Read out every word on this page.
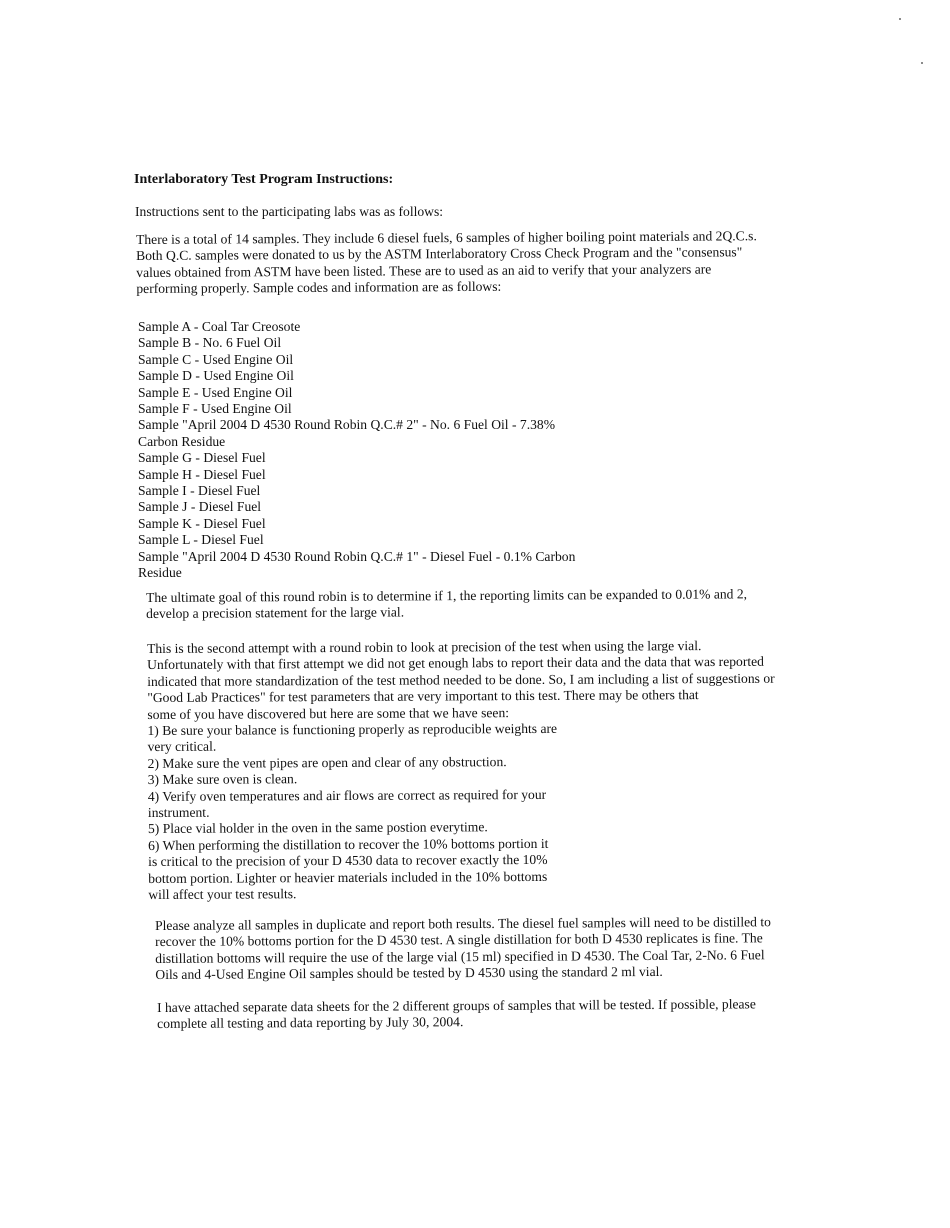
Interlaboratory Test Program Instructions:
Instructions sent to the participating labs was as follows:
There is a total of 14 samples. They include 6 diesel fuels, 6 samples of higher boiling point materials and 2Q.C.s.
Both Q.C. samples were donated to us by the ASTM Interlaboratory Cross Check Program and the "consensus"
values obtained from ASTM have been listed. These are to used as an aid to verify that your analyzers are
performing properly. Sample codes and information are as follows:
Sample A - Coal Tar Creosote
Sample B - No. 6 Fuel Oil
Sample C - Used Engine Oil
Sample D - Used Engine Oil
Sample E - Used Engine Oil
Sample F - Used Engine Oil
Sample "April 2004 D 4530 Round Robin Q.C.# 2" - No. 6 Fuel Oil - 7.38%
Carbon Residue
Sample G - Diesel Fuel
Sample H - Diesel Fuel
Sample I - Diesel Fuel
Sample J - Diesel Fuel
Sample K - Diesel Fuel
Sample L - Diesel Fuel
Sample "April 2004 D 4530 Round Robin Q.C.# 1" - Diesel Fuel - 0.1% Carbon
Residue
The ultimate goal of this round robin is to determine if 1, the reporting limits can be expanded to 0.01% and 2,
develop a precision statement for the large vial.
This is the second attempt with a round robin to look at precision of the test when using the large vial.
Unfortunately with that first attempt we did not get enough labs to report their data and the data that was reported
indicated that more standardization of the test method needed to be done. So, I am including a list of suggestions or
"Good Lab Practices" for test parameters that are very important to this test. There may be others that
some of you have discovered but here are some that we have seen:
1) Be sure your balance is functioning properly as reproducible weights are
very critical.
2) Make sure the vent pipes are open and clear of any obstruction.
3) Make sure oven is clean.
4) Verify oven temperatures and air flows are correct as required for your
instrument.
5) Place vial holder in the oven in the same postion everytime.
6) When performing the distillation to recover the 10% bottoms portion it
is critical to the precision of your D 4530 data to recover exactly the 10%
bottom portion. Lighter or heavier materials included in the 10% bottoms
will affect your test results.
Please analyze all samples in duplicate and report both results. The diesel fuel samples will need to be distilled to
recover the 10% bottoms portion for the D 4530 test. A single distillation for both D 4530 replicates is fine. The
distillation bottoms will require the use of the large vial (15 ml) specified in D 4530. The Coal Tar, 2-No. 6 Fuel
Oils and 4-Used Engine Oil samples should be tested by D 4530 using the standard 2 ml vial.
I have attached separate data sheets for the 2 different groups of samples that will be tested. If possible, please
complete all testing and data reporting by July 30, 2004.
